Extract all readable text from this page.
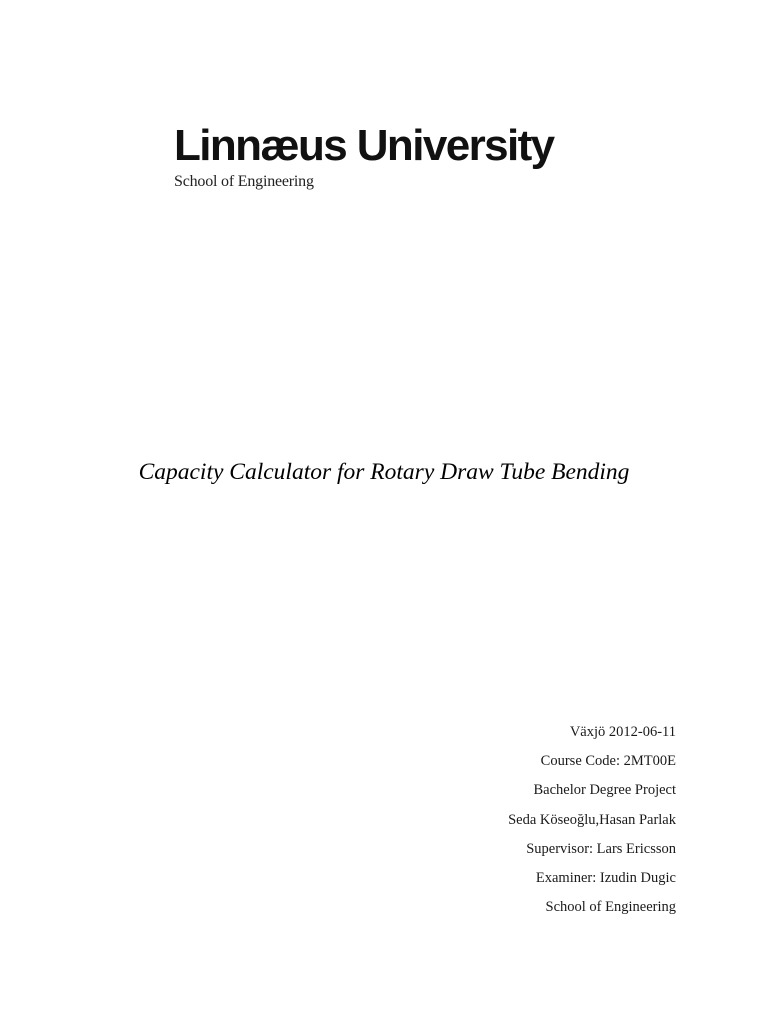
Linnæus University
School of Engineering
Capacity Calculator for Rotary Draw Tube Bending
Växjö 2012-06-11
Course Code: 2MT00E
Bachelor Degree Project
Seda Köseoğlu,Hasan Parlak
Supervisor: Lars Ericsson
Examiner: Izudin Dugic
School of Engineering
